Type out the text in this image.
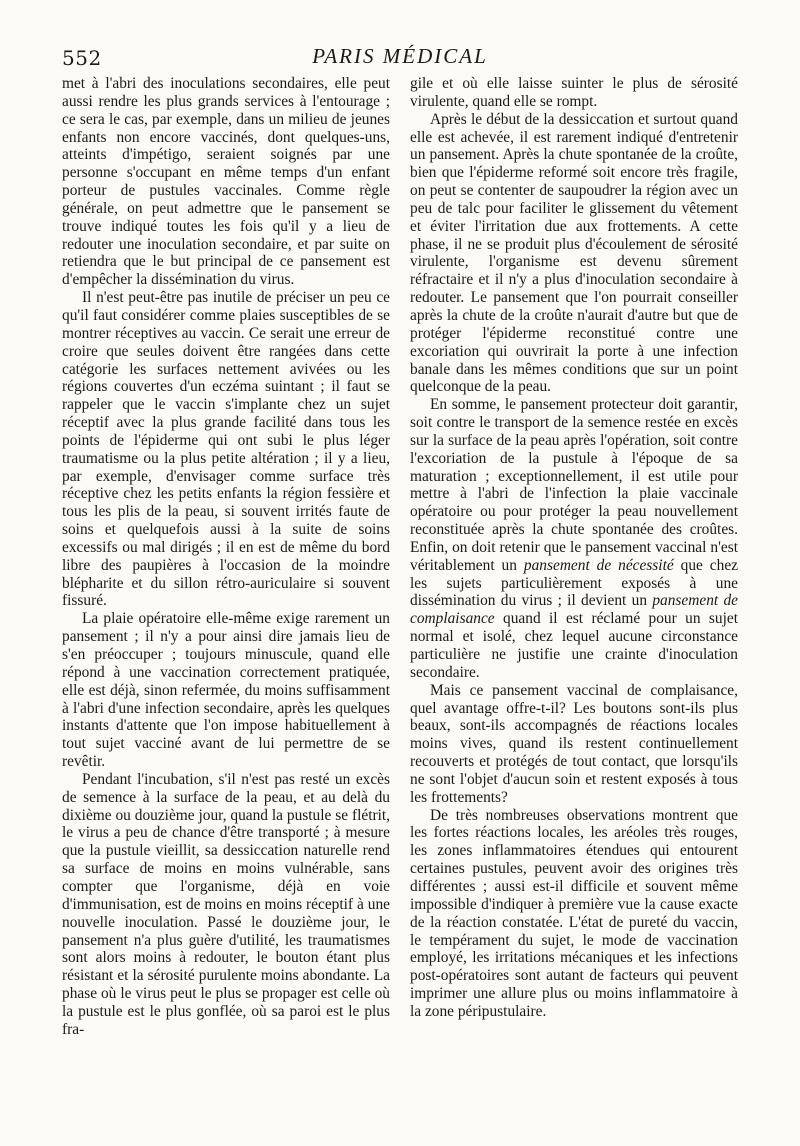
552	PARIS MÉDICAL

met à l'abri des inoculations secondaires, elle peut aussi rendre les plus grands services à l'entourage ; ce sera le cas, par exemple, dans un milieu de jeunes enfants non encore vaccinés, dont quelques-uns, atteints d'impétigo, seraient soignés par une personne s'occupant en même temps d'un enfant porteur de pustules vaccinales. Comme règle générale, on peut admettre que le pansement se trouve indiqué toutes les fois qu'il y a lieu de redouter une inoculation secondaire, et par suite on retiendra que le but principal de ce pansement est d'empêcher la dissémination du virus.

Il n'est peut-être pas inutile de préciser un peu ce qu'il faut considérer comme plaies susceptibles de se montrer réceptives au vaccin. Ce serait une erreur de croire que seules doivent être rangées dans cette catégorie les surfaces nettement avivées ou les régions couvertes d'un eczéma suintant ; il faut se rappeler que le vaccin s'implante chez un sujet réceptif avec la plus grande facilité dans tous les points de l'épiderme qui ont subi le plus léger traumatisme ou la plus petite altération ; il y a lieu, par exemple, d'envisager comme surface très réceptive chez les petits enfants la région fessière et tous les plis de la peau, si souvent irrités faute de soins et quelquefois aussi à la suite de soins excessifs ou mal dirigés ; il en est de même du bord libre des paupières à l'occasion de la moindre blépharite et du sillon rétro-auriculaire si souvent fissuré.

La plaie opératoire elle-même exige rarement un pansement ; il n'y a pour ainsi dire jamais lieu de s'en préoccuper ; toujours minuscule, quand elle répond à une vaccination correctement pratiquée, elle est déjà, sinon refermée, du moins suffisamment à l'abri d'une infection secondaire, après les quelques instants d'attente que l'on impose habituellement à tout sujet vacciné avant de lui permettre de se revêtir.

Pendant l'incubation, s'il n'est pas resté un excès de semence à la surface de la peau, et au delà du dixième ou douzième jour, quand la pustule se flétrit, le virus a peu de chance d'être transporté ; à mesure que la pustule vieillit, sa dessiccation naturelle rend sa surface de moins en moins vulnérable, sans compter que l'organisme, déjà en voie d'immunisation, est de moins en moins réceptif à une nouvelle inoculation. Passé le douzième jour, le pansement n'a plus guère d'utilité, les traumatismes sont alors moins à redouter, le bouton étant plus résistant et la sérosité purulente moins abondante. La phase où le virus peut le plus se propager est celle où la pustule est le plus gonflée, où sa paroi est le plus fra-

gile et où elle laisse suinter le plus de sérosité virulente, quand elle se rompt.

Après le début de la dessiccation et surtout quand elle est achevée, il est rarement indiqué d'entretenir un pansement. Après la chute spontanée de la croûte, bien que l'épiderme reformé soit encore très fragile, on peut se contenter de saupoudrer la région avec un peu de talc pour faciliter le glissement du vêtement et éviter l'irritation due aux frottements. A cette phase, il ne se produit plus d'écoulement de sérosité virulente, l'organisme est devenu sûrement réfractaire et il n'y a plus d'inoculation secondaire à redouter. Le pansement que l'on pourrait conseiller après la chute de la croûte n'aurait d'autre but que de protéger l'épiderme reconstitué contre une excoriation qui ouvrirait la porte à une infection banale dans les mêmes conditions que sur un point quelconque de la peau.

En somme, le pansement protecteur doit garantir, soit contre le transport de la semence restée en excès sur la surface de la peau après l'opération, soit contre l'excoriation de la pustule à l'époque de sa maturation ; exceptionnellement, il est utile pour mettre à l'abri de l'infection la plaie vaccinale opératoire ou pour protéger la peau nouvellement reconstituée après la chute spontanée des croûtes. Enfin, on doit retenir que le pansement vaccinal n'est véritablement un pansement de nécessité que chez les sujets particulièrement exposés à une dissémination du virus ; il devient un pansement de complaisance quand il est réclamé pour un sujet normal et isolé, chez lequel aucune circonstance particulière ne justifie une crainte d'inoculation secondaire.

Mais ce pansement vaccinal de complaisance, quel avantage offre-t-il? Les boutons sont-ils plus beaux, sont-ils accompagnés de réactions locales moins vives, quand ils restent continuellement recouverts et protégés de tout contact, que lorsqu'ils ne sont l'objet d'aucun soin et restent exposés à tous les frottements?

De très nombreuses observations montrent que les fortes réactions locales, les aréoles très rouges, les zones inflammatoires étendues qui entourent certaines pustules, peuvent avoir des origines très différentes ; aussi est-il difficile et souvent même impossible d'indiquer à première vue la cause exacte de la réaction constatée. L'état de pureté du vaccin, le tempérament du sujet, le mode de vaccination employé, les irritations mécaniques et les infections post-opératoires sont autant de facteurs qui peuvent imprimer une allure plus ou moins inflammatoire à la zone péripustulaire.
